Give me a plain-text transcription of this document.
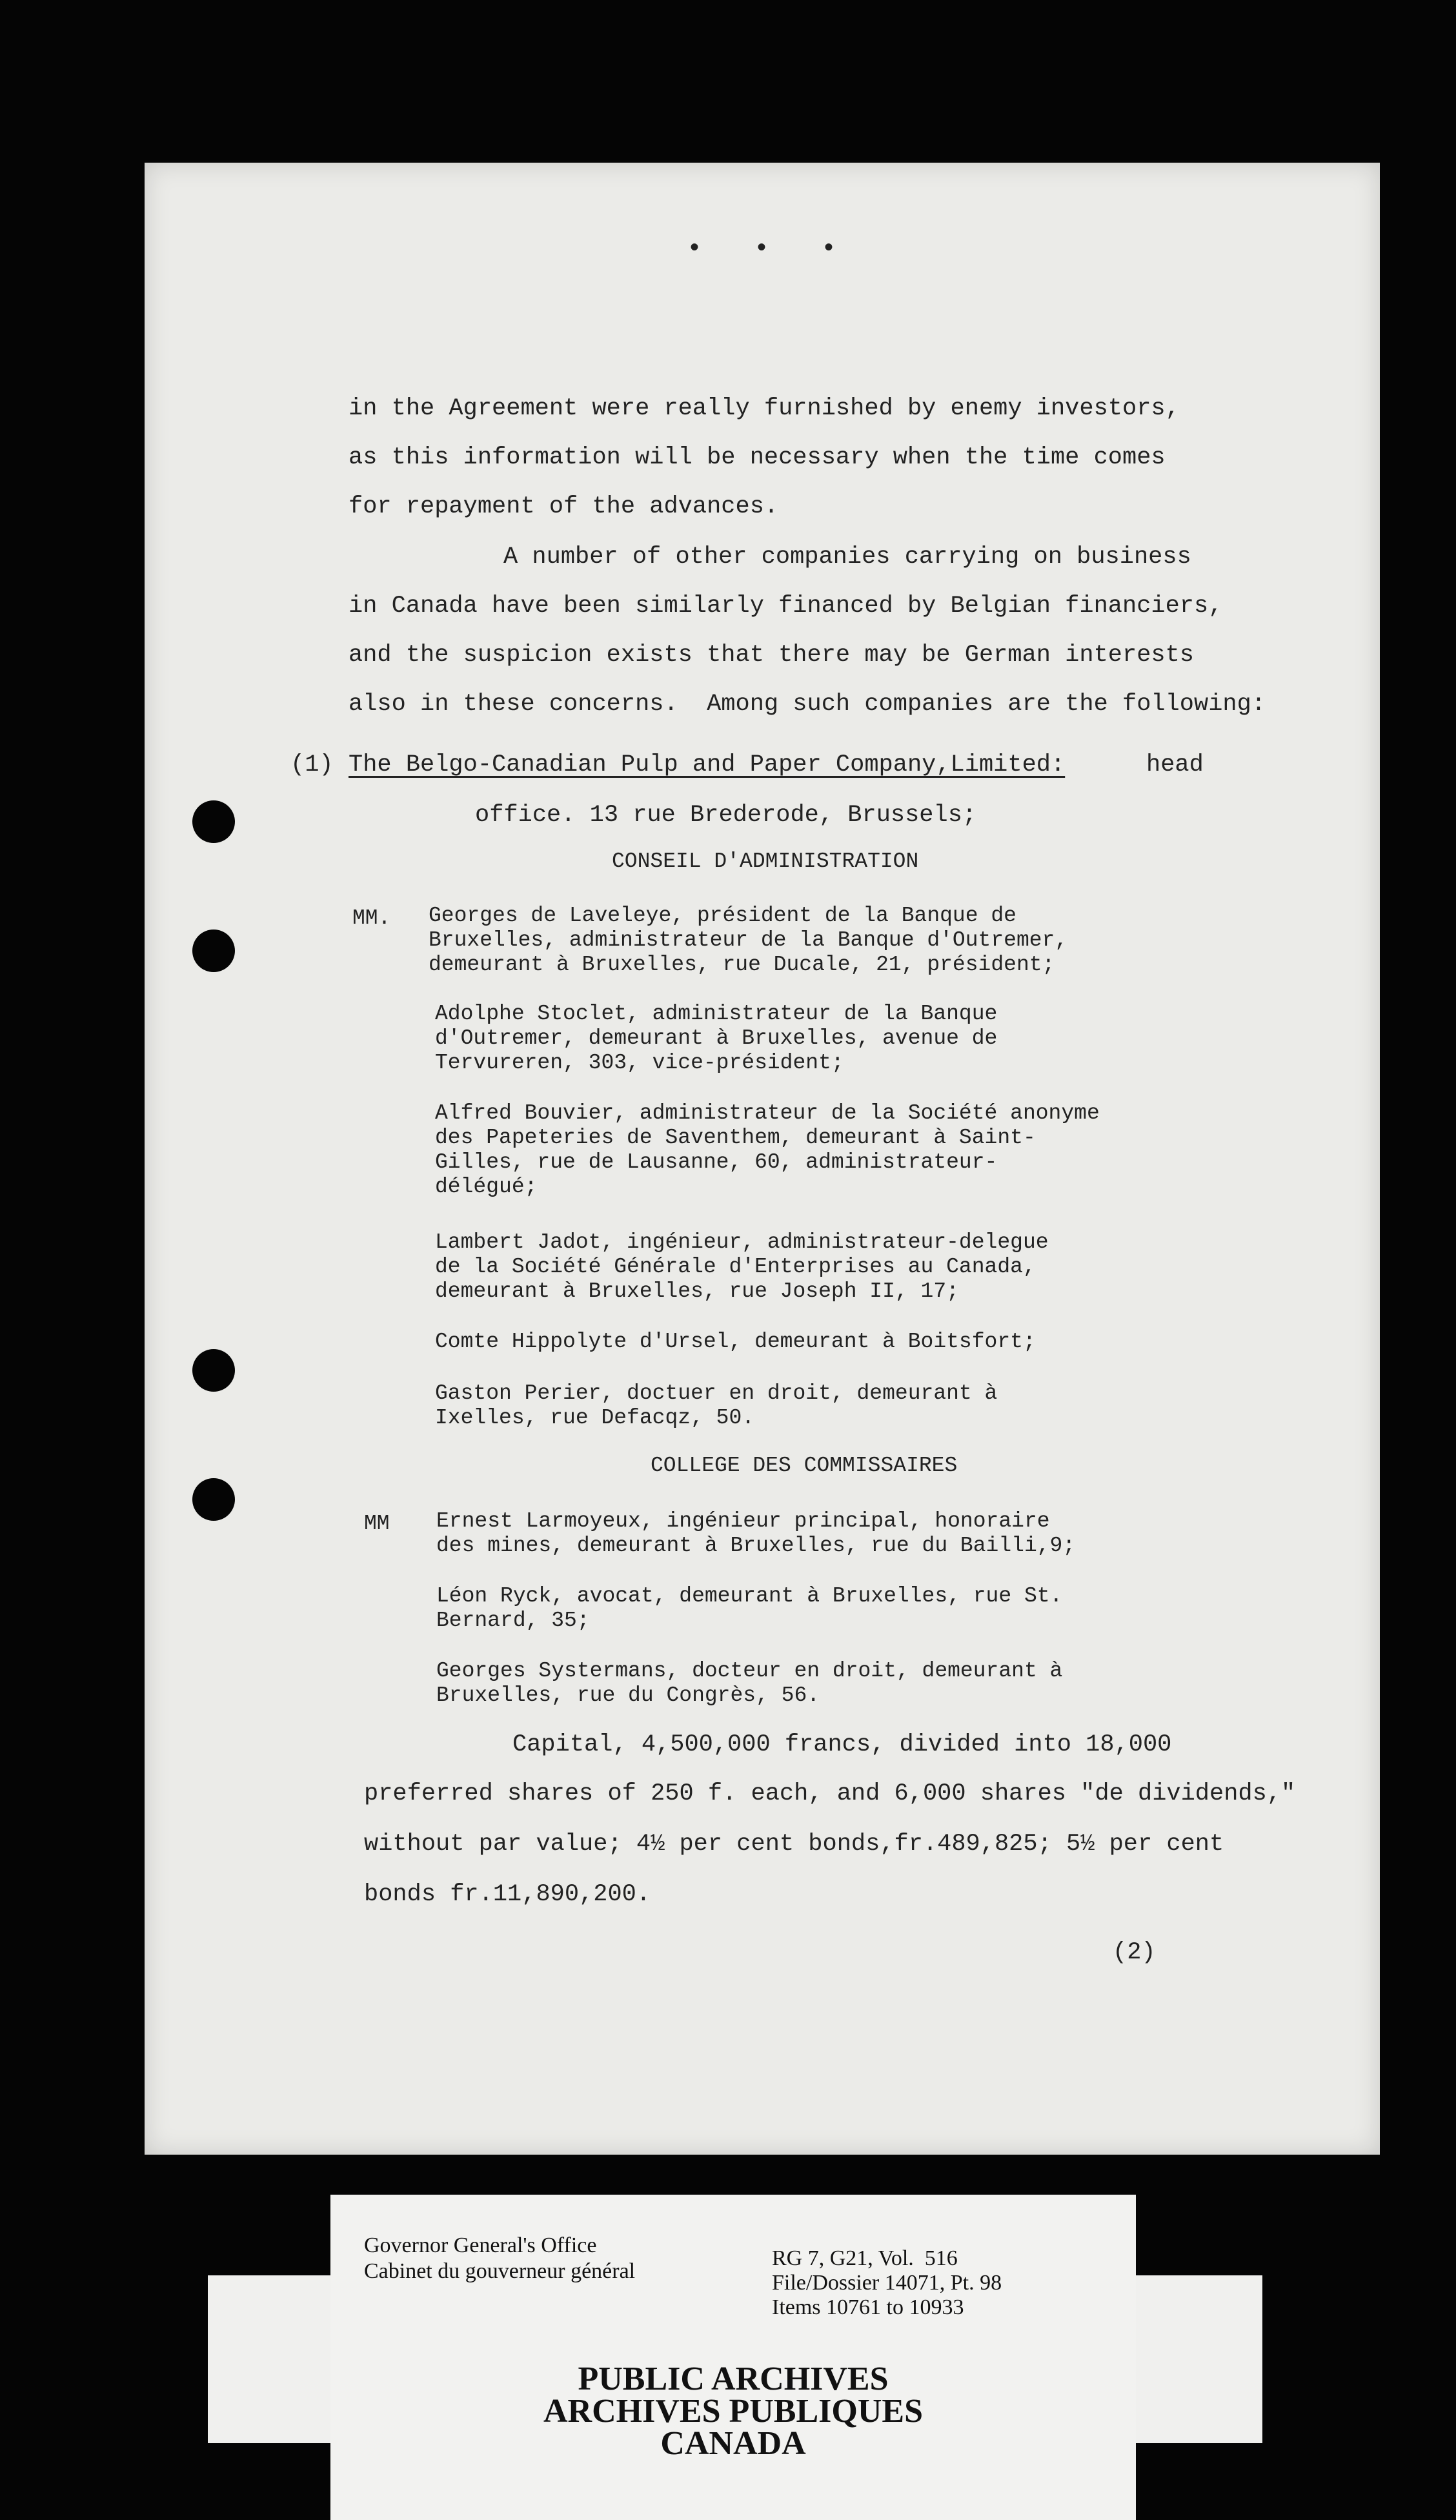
• • •
in the Agreement were really furnished by enemy investors,
as this information will be necessary when the time comes
for repayment of the advances.
A number of other companies carrying on business
in Canada have been similarly financed by Belgian financiers,
and the suspicion exists that there may be German interests
also in these concerns.  Among such companies are the following:
(1) The Belgo-Canadian Pulp and Paper Company,Limited:	head
office. 13 rue Brederode, Brussels;
CONSEIL D'ADMINISTRATION
MM. Georges de Laveleye, président de la Banque de
Bruxelles, administrateur de la Banque d'Outremer,
demeurant à Bruxelles, rue Ducale, 21, président;
Adolphe Stoclet, administrateur de la Banque
d'Outremer, demeurant à Bruxelles, avenue de
Tervureren, 303, vice-président;
Alfred Bouvier, administrateur de la Société anonyme
des Papeteries de Saventhem, demeurant à Saint-
Gilles, rue de Lausanne, 60, administrateur-
délégué;
Lambert Jadot, ingénieur, administrateur-delegue
de la Société Générale d'Enterprises au Canada,
demeurant à Bruxelles, rue Joseph II, 17;
Comte Hippolyte d'Ursel, demeurant à Boitsfort;
Gaston Perier, doctuer en droit, demeurant à
Ixelles, rue Defacqz, 50.
COLLEGE DES COMMISSAIRES
MM Ernest Larmoyeux, ingénieur principal, honoraire
des mines, demeurant à Bruxelles, rue du Bailli,9;
Léon Ryck, avocat, demeurant à Bruxelles, rue St.
Bernard, 35;
Georges Systermans, docteur en droit, demeurant à
Bruxelles, rue du Congrès, 56.
Capital, 4,500,000 francs, divided into 18,000
preferred shares of 250 f. each, and 6,000 shares "de dividends,"
without par value; 4½ per cent bonds,fr.489,825; 5½ per cent
bonds fr.11,890,200.
(2)
Governor General's Office
Cabinet du gouverneur général
RG 7, G21, Vol.  516
File/Dossier 14071, Pt. 98
Items 10761 to 10933
PUBLIC ARCHIVES
ARCHIVES PUBLIQUES
CANADA
